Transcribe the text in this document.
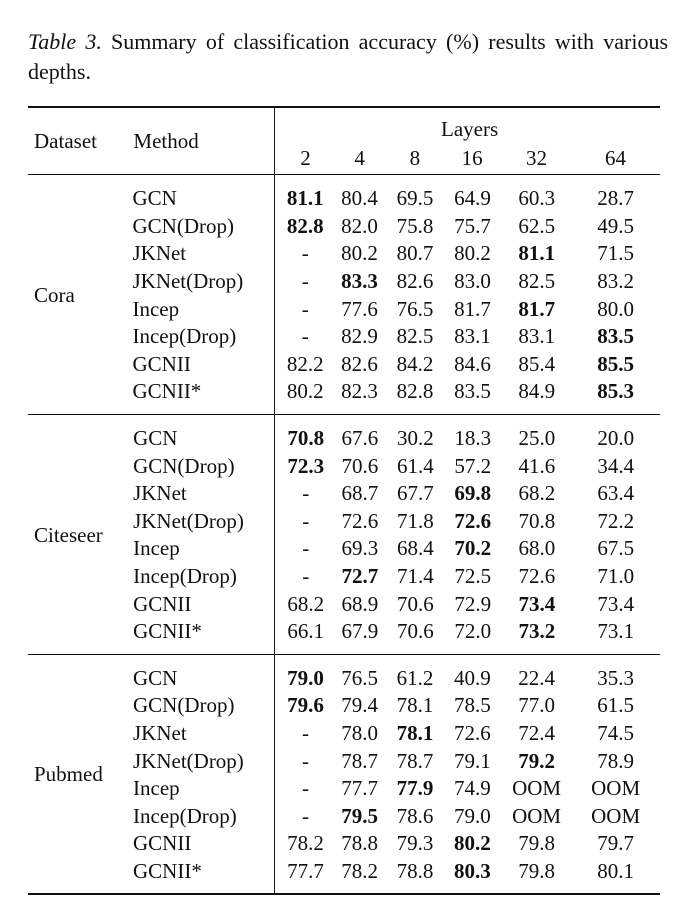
Table 3. Summary of classification accuracy (%) results with various depths.
Dataset	Method	Layers					
		2	4	8	16	32	64

Cora	GCN	81.1	80.4	69.5	64.9	60.3	28.7
	GCN(Drop)	82.8	82.0	75.8	75.7	62.5	49.5
	JKNet	-	80.2	80.7	80.2	81.1	71.5
	JKNet(Drop)	-	83.3	82.6	83.0	82.5	83.2
	Incep	-	77.6	76.5	81.7	81.7	80.0
	Incep(Drop)	-	82.9	82.5	83.1	83.1	83.5
	GCNII	82.2	82.6	84.2	84.6	85.4	85.5
	GCNII*	80.2	82.3	82.8	83.5	84.9	85.3

Citeseer	GCN	70.8	67.6	30.2	18.3	25.0	20.0
	GCN(Drop)	72.3	70.6	61.4	57.2	41.6	34.4
	JKNet	-	68.7	67.7	69.8	68.2	63.4
	JKNet(Drop)	-	72.6	71.8	72.6	70.8	72.2
	Incep	-	69.3	68.4	70.2	68.0	67.5
	Incep(Drop)	-	72.7	71.4	72.5	72.6	71.0
	GCNII	68.2	68.9	70.6	72.9	73.4	73.4
	GCNII*	66.1	67.9	70.6	72.0	73.2	73.1

Pubmed	GCN	79.0	76.5	61.2	40.9	22.4	35.3
	GCN(Drop)	79.6	79.4	78.1	78.5	77.0	61.5
	JKNet	-	78.0	78.1	72.6	72.4	74.5
	JKNet(Drop)	-	78.7	78.7	79.1	79.2	78.9
	Incep	-	77.7	77.9	74.9	OOM	OOM
	Incep(Drop)	-	79.5	78.6	79.0	OOM	OOM
	GCNII	78.2	78.8	79.3	80.2	79.8	79.7
	GCNII*	77.7	78.2	78.8	80.3	79.8	80.1
